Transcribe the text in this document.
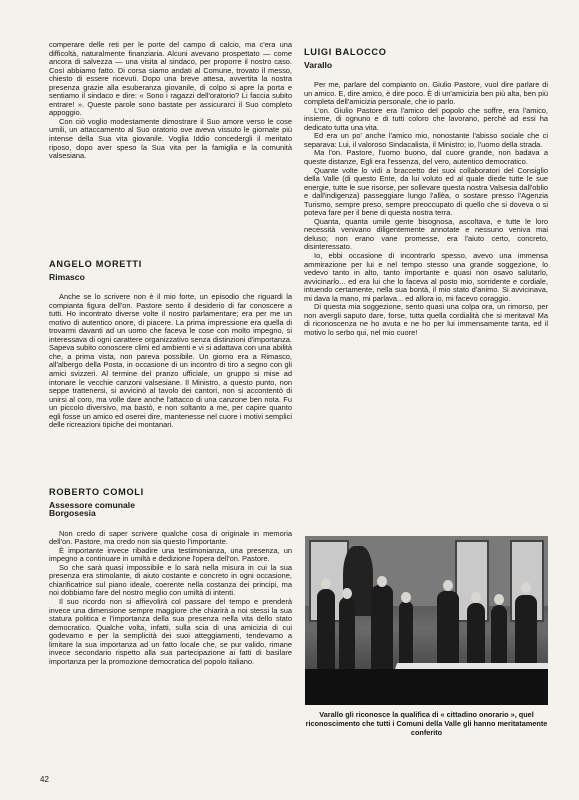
comperare delle reti per le porte del campo di calcio, ma c'era una difficoltà, naturalmente finanziaria. Alcuni avevano prospettato — come ancora di salvezza — una visita al sindaco, per proporre il nostro caso. Così abbiamo fatto. Di corsa siamo andati al Comune, trovato il messo, chiesto di essere ricevuti. Dopo una breve attesa, avvertita la nostra presenza grazie alla esuberanza giovanile, di colpo si apre la porta e sentiamo il sindaco e dire: « Sono i ragazzi dell'oratorio? Li faccia subito entrare! ». Queste parole sono bastate per assicurarci il Suo completo appoggio.

Con ciò voglio modestamente dimostrare il Suo amore verso le cose umili, un attaccamento al Suo oratorio ove aveva vissuto le giornate più intense della Sua vita giovanile. Voglia Iddio concedergli il meritato riposo, dopo aver speso la Sua vita per la famiglia e la comunità valsesiana.

ANGELO MORETTI
Rimasco

Anche se lo scrivere non è il mio forte, un episodio che riguardi la compianta figura dell'on. Pastore sento il desiderio di far conoscere a tutti. Ho incontrato diverse volte il nostro parlamentare; era per me un motivo di autentico onore, di piacere. La prima impressione era quella di trovarmi davanti ad un uomo che faceva le cose con molto impegno, si interessava di ogni carattere organizzativo senza distinzioni d'importanza. Sapeva subito conoscere climi ed ambienti e vi si adattava con una abilità che, a prima vista, non pareva possibile. Un giorno era a Rimasco, all'albergo della Posta, in occasione di un incontro di tiro a segno con gli amici svizzeri. Al termine del pranzo ufficiale, un gruppo si mise ad intonare le vecchie canzoni valsesiane. Il Ministro, a questo punto, non seppe trattenersi, si avvicinò al tavolo dei cantori, non si accontentò di unirsi al coro, ma volle dare anche l'attacco di una canzone ben nota. Fu un piccolo diversivo, ma bastò, e non soltanto a me, per capire quanto egli fosse un amico ed oserei dire, mantenesse nel cuore i motivi semplici delle ricreazioni tipiche dei montanari.

ROBERTO COMOLI
Assessore comunale
Borgosesia

Non credo di saper scrivere qualche cosa di originale in memoria dell'on. Pastore, ma credo non sia questo l'importante.

È importante invece ribadire una testimonianza, una presenza, un impegno a continuare in umiltà e dedizione l'opera dell'on. Pastore.

So che sarà quasi impossibile e lo sarà nella misura in cui la sua presenza era stimolante, di aiuto costante e concreto in ogni occasione, chiarificatrice sul piano ideale, coerente nella costanza dei principi, ma noi dobbiamo fare del nostro meglio con umiltà di intenti.

Il suo ricordo non si affievolirà col passare del tempo e prenderà invece una dimensione sempre maggiore che chiarirà a noi stessi la sua statura politica e l'importanza della sua presenza nella vita dello stato democratico. Qualche volta, infatti, sulla scia di una amicizia di cui godevamo e per la semplicità dei suoi atteggiamenti, tendevamo a limitare la sua importanza ad un fatto locale che, se pur valido, rimane invece secondario rispetto alla sua partecipazione ai fatti di basilare importanza per la promozione democratica del popolo italiano.

LUIGI BALOCCO
Varallo

Per me, parlare del compianto on. Giulio Pastore, vuol dire parlare di un amico. E, dire amico, è dire poco. È di un'amicizia ben più alta, ben più completa dell'amicizia personale, che io parlo.

L'on. Giulio Pastore era l'amico del popolo che soffre, era l'amico, insieme, di ognuno e di tutti coloro che lavorano, perché ad essi ha dedicato tutta una vita.

Ed era un po' anche l'amico mio, nonostante l'abisso sociale che ci separava: Lui, il valoroso Sindacalista, il Ministro; io, l'uomo della strada.

Ma l'on. Pastore, l'uomo buono, dal cuore grande, non badava a queste distanze, Egli era l'essenza, del vero, autentico democratico.

Quante volte lo vidi a braccetto dei suoi collaboratori del Consiglio della Valle (di questo Ente, da lui voluto ed al quale diede tutte le sue energie, tutte le sue risorse, per sollevare questa nostra Valsesia dall'oblio e dall'indigenza) passeggiare lungo l'allèa, o sostare presso l'Agenzia Turismo, sempre preso, sempre preoccupato di quello che si doveva o si poteva fare per il bene di questa nostra terra.

Quanta, quanta umile gente bisognosa, ascoltava, e tutte le loro necessità venivano diligentemente annotate e nessuno veniva mai deluso; non erano vane promesse, era l'aiuto certo, concreto, disinteressato.

Io, ebbi occasione di incontrarlo spesso, avevo una immensa ammirazione per lui e nel tempo stesso una grande soggezione, lo vedevo tanto in alto, tanto importante e quasi non osavo salutarlo, avvicinarlo... ed era lui che lo faceva al posto mio, sorridente e cordiale, intuendo certamente, nella sua bontà, il mio stato d'animo. Si avvicinava, mi dava la mano, mi parlava... ed allora io, mi facevo coraggio.

Di questa mia soggezione, sento quasi una colpa ora, un rimorso, per non avergli saputo dare, forse, tutta quella cordialità che si meritava! Ma di riconoscenza ne ho avuta e ne ho per lui immensamente tanta, ed il motivo lo serbo qui, nel mio cuore!

Varallo gli riconosce la qualifica di « cittadino onorario », quel riconoscimento che tutti i Comuni della Valle gli hanno meritatamente conferito
42
